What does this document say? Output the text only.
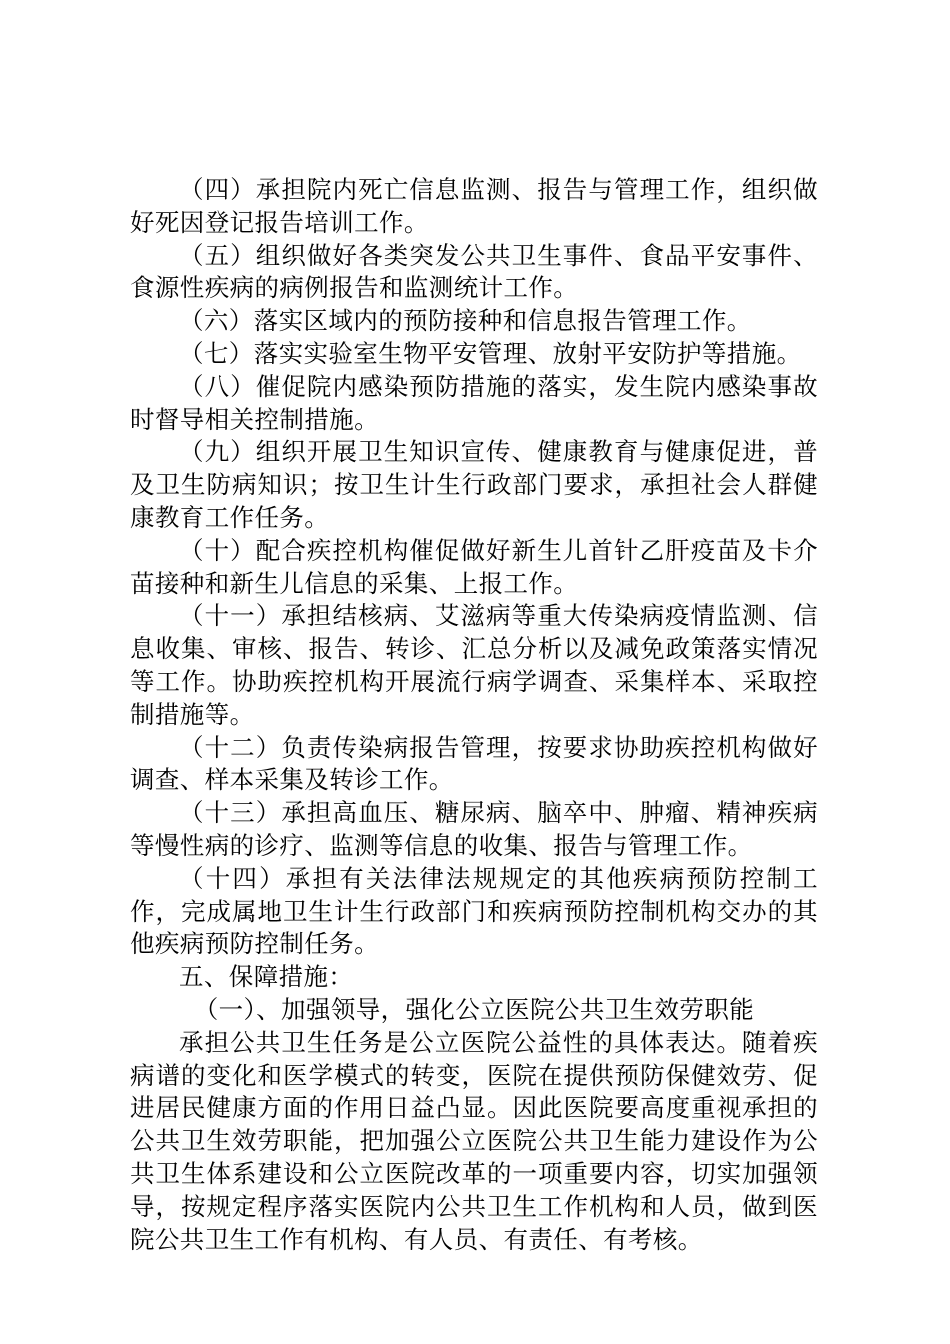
（四）承担院内死亡信息监测、报告与管理工作，组织做好死因登记报告培训工作。

（五）组织做好各类突发公共卫生事件、食品平安事件、食源性疾病的病例报告和监测统计工作。

（六）落实区域内的预防接种和信息报告管理工作。

（七）落实实验室生物平安管理、放射平安防护等措施。

（八）催促院内感染预防措施的落实，发生院内感染事故时督导相关控制措施。

（九）组织开展卫生知识宣传、健康教育与健康促进，普及卫生防病知识；按卫生计生行政部门要求，承担社会人群健康教育工作任务。

（十）配合疾控机构催促做好新生儿首针乙肝疫苗及卡介苗接种和新生儿信息的采集、上报工作。

（十一）承担结核病、艾滋病等重大传染病疫情监测、信息收集、审核、报告、转诊、汇总分析以及减免政策落实情况等工作。协助疾控机构开展流行病学调查、采集样本、采取控制措施等。

（十二）负责传染病报告管理，按要求协助疾控机构做好调查、样本采集及转诊工作。

（十三）承担高血压、糖尿病、脑卒中、肿瘤、精神疾病等慢性病的诊疗、监测等信息的收集、报告与管理工作。

（十四）承担有关法律法规规定的其他疾病预防控制工作，完成属地卫生计生行政部门和疾病预防控制机构交办的其他疾病预防控制任务。

五、保障措施：

（一）、加强领导，强化公立医院公共卫生效劳职能

承担公共卫生任务是公立医院公益性的具体表达。随着疾病谱的变化和医学模式的转变，医院在提供预防保健效劳、促进居民健康方面的作用日益凸显。因此医院要高度重视承担的公共卫生效劳职能，把加强公立医院公共卫生能力建设作为公共卫生体系建设和公立医院改革的一项重要内容，切实加强领导，按规定程序落实医院内公共卫生工作机构和人员，做到医院公共卫生工作有机构、有人员、有责任、有考核。
